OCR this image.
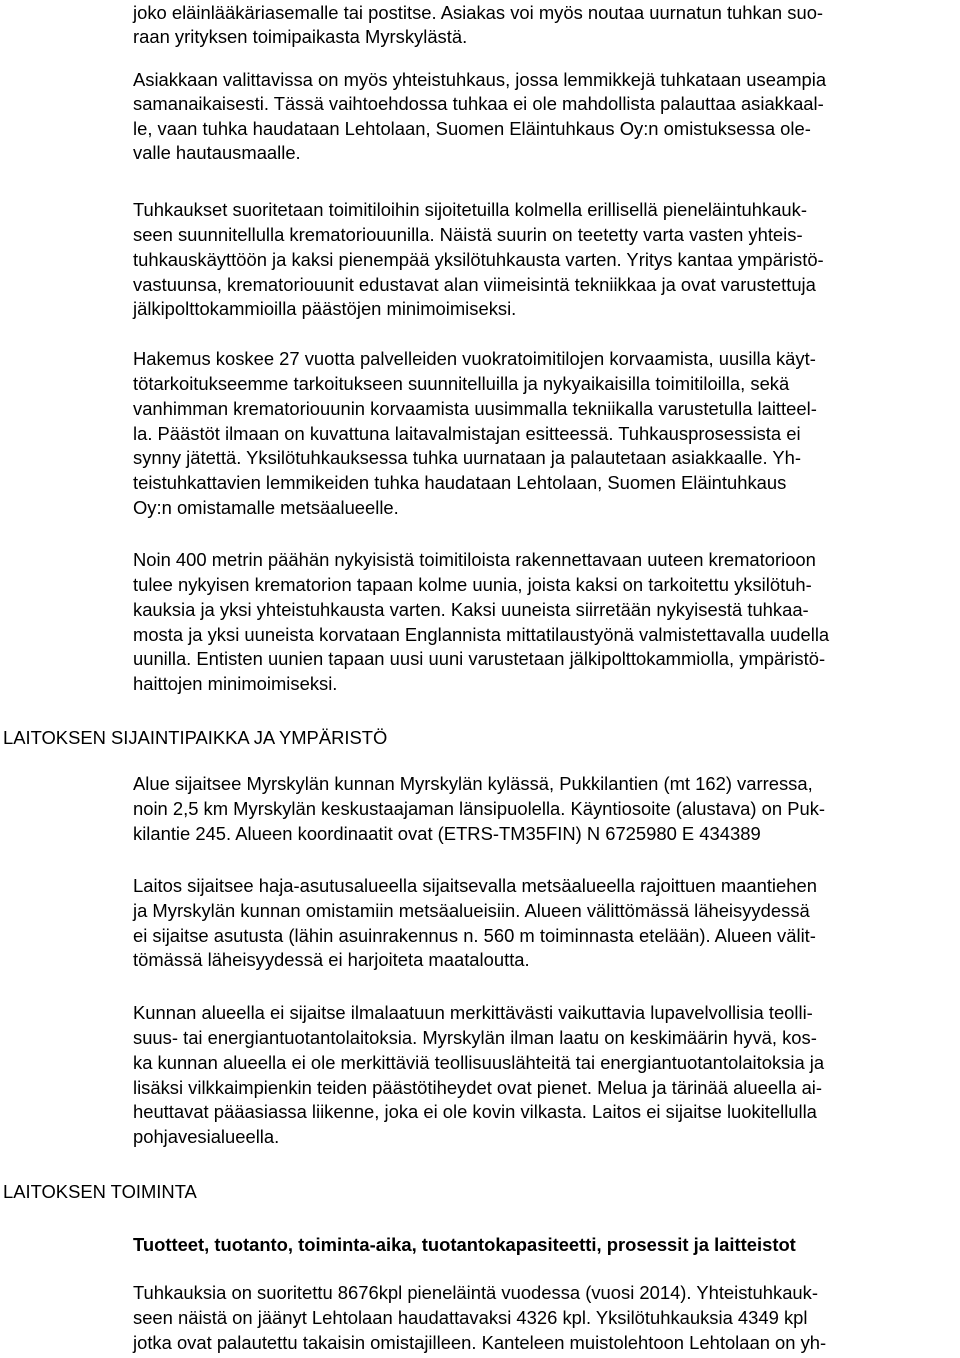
joko eläinlääkäriasemalle tai postitse. Asiakas voi myös noutaa uurnatun tuhkan suo-
raan yrityksen toimipaikasta Myrskylästä.
Asiakkaan valittavissa on myös yhteistuhkaus, jossa lemmikkejä tuhkataan useampia
samanaikaisesti. Tässä vaihtoehdossa tuhkaa ei ole mahdollista palauttaa asiakkaal-
le, vaan tuhka haudataan Lehtolaan, Suomen Eläintuhkaus Oy:n omistuksessa ole-
valle hautausmaalle.
Tuhkaukset suoritetaan toimitiloihin sijoitetuilla kolmella erillisellä pieneläintuhkauk-
seen suunnitellulla krematoriouunilla. Näistä suurin on teetetty varta vasten yhteis-
tuhkauskäyttöön ja kaksi pienempää yksilötuhkausta varten. Yritys kantaa ympäristö-
vastuunsa, krematoriouunit edustavat alan viimeisintä tekniikkaa ja ovat varustettuja
jälkipolttokammioilla päästöjen minimoimiseksi.
Hakemus koskee 27 vuotta palvelleiden vuokratoimitilojen korvaamista, uusilla käyt-
tötarkoitukseemme tarkoitukseen suunnitelluilla ja nykyaikaisilla toimitiloilla, sekä
vanhimman krematoriouunin korvaamista uusimmalla tekniikalla varustetulla laitteel-
la. Päästöt ilmaan on kuvattuna laitavalmistajan esitteessä. Tuhkausprosessista ei
synny jätettä. Yksilötuhkauksessa tuhka uurnataan ja palautetaan asiakkaalle. Yh-
teistuhkattavien lemmikeiden tuhka haudataan Lehtolaan, Suomen Eläintuhkaus
Oy:n omistamalle metsäalueelle.
Noin 400 metrin päähän nykyisistä toimitiloista rakennettavaan uuteen krematorioon
tulee nykyisen krematorion tapaan kolme uunia, joista kaksi on tarkoitettu yksilötuh-
kauksia ja yksi yhteistuhkausta varten. Kaksi uuneista siirretään nykyisestä tuhkaa-
mosta ja yksi uuneista korvataan Englannista mittatilaustyönä valmistettavalla uudella
uunilla. Entisten uunien tapaan uusi uuni varustetaan jälkipolttokammiolla, ympäristö-
haittojen minimoimiseksi.
LAITOKSEN SIJAINTIPAIKKA JA YMPÄRISTÖ
Alue sijaitsee Myrskylän kunnan Myrskylän kylässä, Pukkilantien (mt 162) varressa,
noin 2,5 km Myrskylän keskustaajaman länsipuolella. Käyntiosoite (alustava) on Puk-
kilantie 245. Alueen koordinaatit ovat (ETRS-TM35FIN) N 6725980 E 434389
Laitos sijaitsee haja-asutusalueella sijaitsevalla metsäalueella rajoittuen maantiehen
ja Myrskylän kunnan omistamiin metsäalueisiin. Alueen välittömässä läheisyydessä
ei sijaitse asutusta (lähin asuinrakennus n. 560 m toiminnasta etelään). Alueen välit-
tömässä läheisyydessä ei harjoiteta maataloutta.
Kunnan alueella ei sijaitse ilmalaatuun merkittävästi vaikuttavia lupavelvollisia teolli-
suus- tai energiantuotantolaitoksia. Myrskylän ilman laatu on keskimäärin hyvä, kos-
ka kunnan alueella ei ole merkittäviä teollisuuslähteitä tai energiantuotantolaitoksia ja
lisäksi vilkkaimpienkin teiden päästötiheydet ovat pienet. Melua ja tärinää alueella ai-
heuttavat pääasiassa liikenne, joka ei ole kovin vilkasta. Laitos ei sijaitse luokitellulla
pohjavesialueella.
LAITOKSEN TOIMINTA
Tuotteet, tuotanto, toiminta-aika, tuotantokapasiteetti, prosessit ja laitteistot
Tuhkauksia on suoritettu 8676kpl pieneläintä vuodessa (vuosi 2014). Yhteistuhkauk-
seen näistä on jäänyt Lehtolaan haudattavaksi 4326 kpl. Yksilötuhkauksia 4349 kpl
jotka ovat palautettu takaisin omistajilleen. Kanteleen muistolehtoon Lehtolaan on yh-
